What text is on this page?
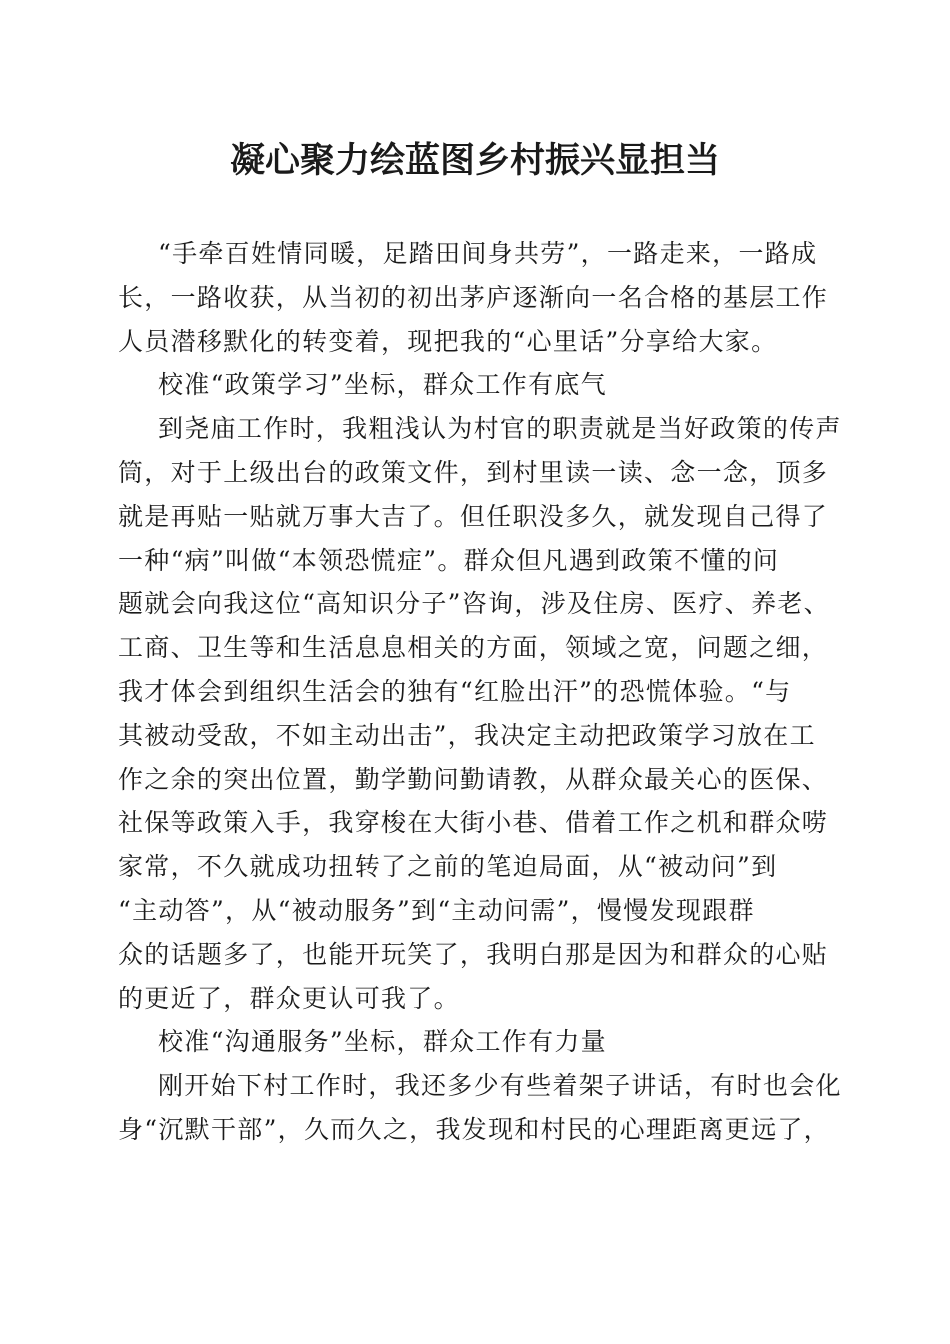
凝心聚力绘蓝图乡村振兴显担当
“手牵百姓情同暖，足踏田间身共劳”，一路走来，一路成
长，一路收获，从当初的初出茅庐逐渐向一名合格的基层工作
人员潜移默化的转变着，现把我的“心里话”分享给大家。
校准“政策学习”坐标，群众工作有底气
到尧庙工作时，我粗浅认为村官的职责就是当好政策的传声
筒，对于上级出台的政策文件，到村里读一读、念一念，顶多
就是再贴一贴就万事大吉了。但任职没多久，就发现自己得了
一种“病”叫做“本领恐慌症”。群众但凡遇到政策不懂的问
题就会向我这位“高知识分子”咨询，涉及住房、医疗、养老、
工商、卫生等和生活息息相关的方面，领域之宽，问题之细，
我才体会到组织生活会的独有“红脸出汗”的恐慌体验。“与
其被动受敌，不如主动出击”，我决定主动把政策学习放在工
作之余的突出位置，勤学勤问勤请教，从群众最关心的医保、
社保等政策入手，我穿梭在大街小巷、借着工作之机和群众唠
家常，不久就成功扭转了之前的笔迫局面，从“被动问”到
“主动答”，从“被动服务”到“主动问需”，慢慢发现跟群
众的话题多了，也能开玩笑了，我明白那是因为和群众的心贴
的更近了，群众更认可我了。
校准“沟通服务”坐标，群众工作有力量
刚开始下村工作时，我还多少有些着架子讲话，有时也会化
身“沉默干部”，久而久之，我发现和村民的心理距离更远了，
